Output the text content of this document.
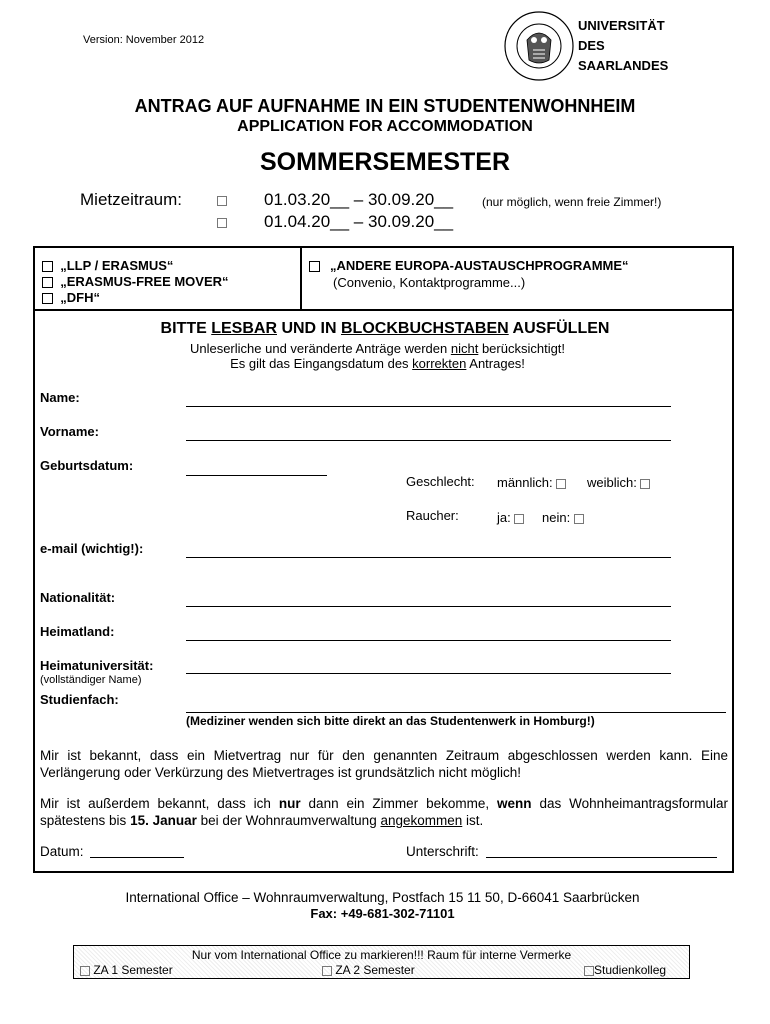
Version: November 2012
UNIVERSITÄT
DES
SAARLANDES
ANTRAG AUF AUFNAHME IN EIN STUDENTENWOHNHEIM
APPLICATION FOR ACCOMMODATION
SOMMERSEMESTER
Mietzeitraum:	01.03.20__ – 30.09.20__ (nur möglich, wenn freie Zimmer!)
01.04.20__ – 30.09.20__
„LLP / ERASMUS“
„ERASMUS-FREE MOVER“
„DFH“
„ANDERE EUROPA-AUSTAUSCHPROGRAMME“
(Convenio, Kontaktprogramme...)
BITTE LESBAR UND IN BLOCKBUCHSTABEN AUSFÜLLEN
Unleserliche und veränderte Anträge werden nicht berücksichtigt!
Es gilt das Eingangsdatum des korrekten Antrages!
Name:
Vorname:
Geburtsdatum:
Geschlecht: männlich:	weiblich:
Raucher:	ja:	nein:
e-mail (wichtig!):
Nationalität:
Heimatland:
Heimatuniversität:
(vollständiger Name)
Studienfach:
(Mediziner wenden sich bitte direkt an das Studentenwerk in Homburg!)
Mir ist bekannt, dass ein Mietvertrag nur für den genannten Zeitraum abgeschlossen werden kann. Eine Verlängerung oder Verkürzung des Mietvertrages ist grundsätzlich nicht möglich!
Mir ist außerdem bekannt, dass ich nur dann ein Zimmer bekomme, wenn das Wohnheimantragsformular spätestens bis 15. Januar bei der Wohnraumverwaltung angekommen ist.
Datum:	Unterschrift:
International Office – Wohnraumverwaltung, Postfach 15 11 50, D-66041 Saarbrücken
Fax: +49-681-302-71101
Nur vom International Office zu markieren!!! Raum für interne Vermerke
ZA 1 Semester	ZA 2 Semester	Studienkolleg
